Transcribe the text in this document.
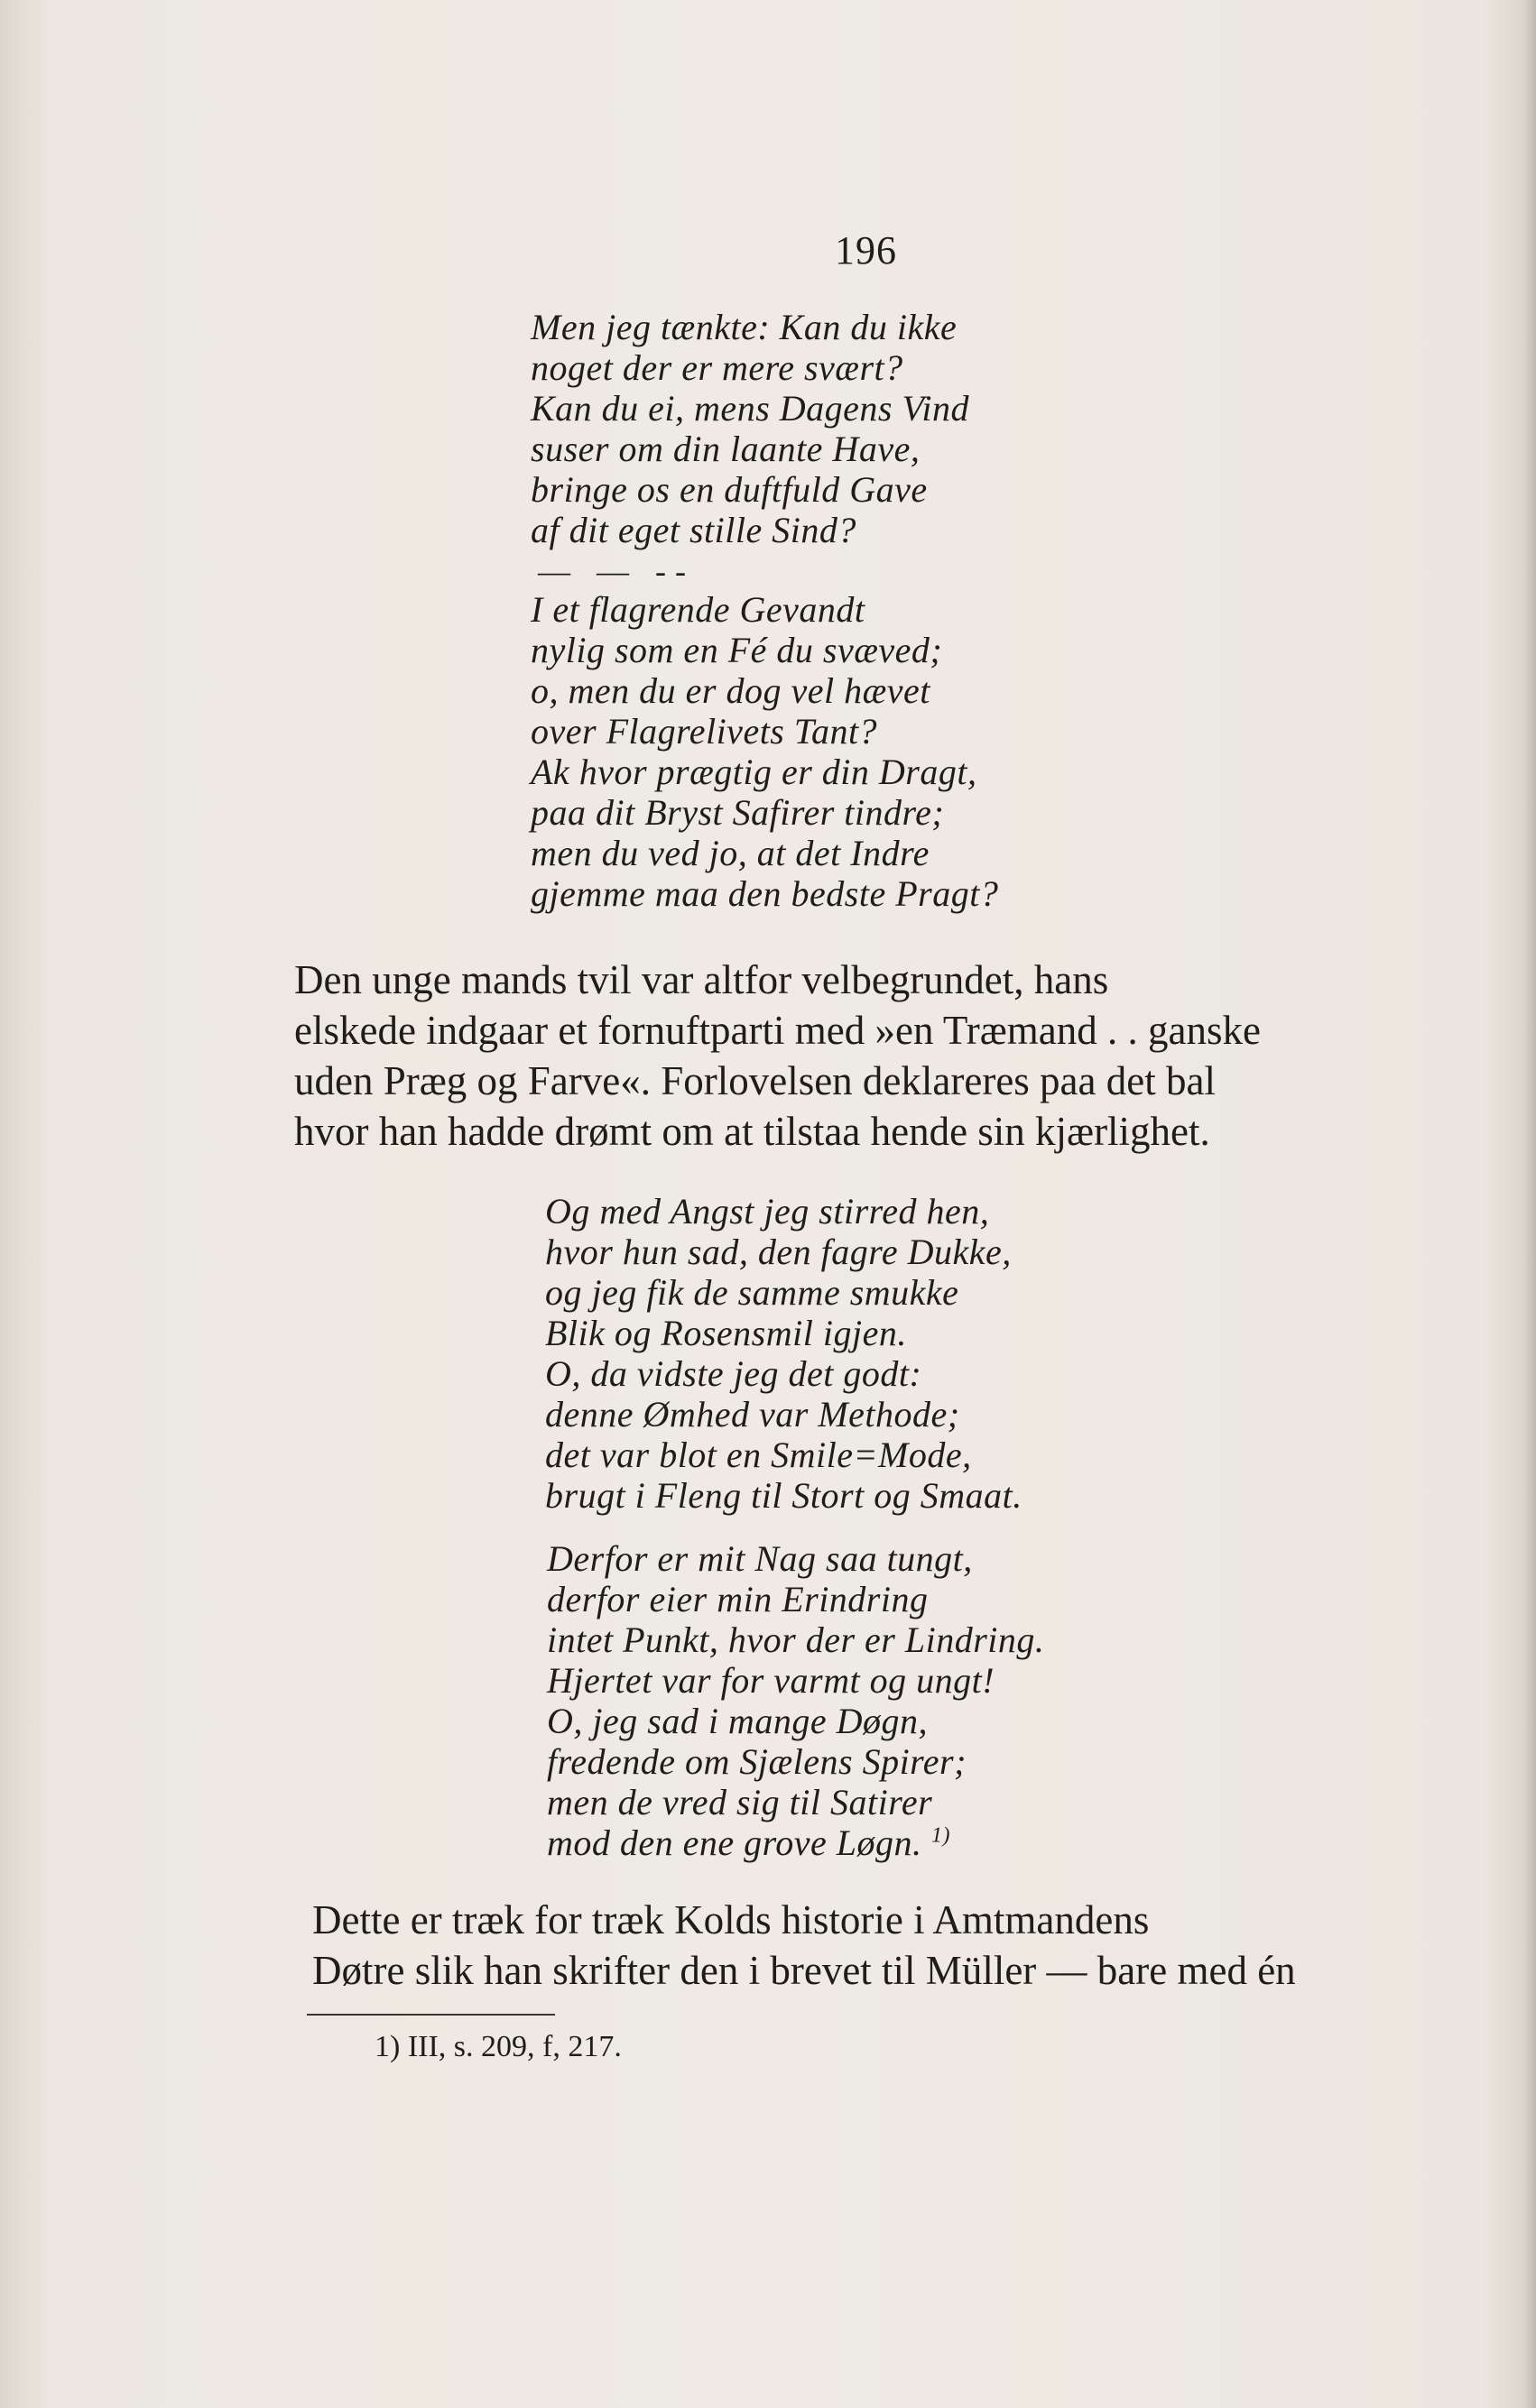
196
Men jeg tænkte: Kan du ikke
noget der er mere svært?
Kan du ei, mens Dagens Vind
suser om din laante Have,
bringe os en duftfuld Gave
af dit eget stille Sind?
— — --
I et flagrende Gevandt
nylig som en Fé du svæved;
o, men du er dog vel hævet
over Flagrelivets Tant?
Ak hvor prægtig er din Dragt,
paa dit Bryst Safirer tindre;
men du ved jo, at det Indre
gjemme maa den bedste Pragt?
Den unge mands tvil var altfor velbegrundet, hans
elskede indgaar et fornuftparti med »en Træmand . . ganske
uden Præg og Farve«. Forlovelsen deklareres paa det bal
hvor han hadde drømt om at tilstaa hende sin kjærlighet.
Og med Angst jeg stirred hen,
hvor hun sad, den fagre Dukke,
og jeg fik de samme smukke
Blik og Rosensmil igjen.
O, da vidste jeg det godt:
denne Ømhed var Methode;
det var blot en Smile=Mode,
brugt i Fleng til Stort og Smaat.
Derfor er mit Nag saa tungt,
derfor eier min Erindring
intet Punkt, hvor der er Lindring.
Hjertet var for varmt og ungt!
O, jeg sad i mange Døgn,
fredende om Sjælens Spirer;
men de vred sig til Satirer
mod den ene grove Løgn. $^{1)}$
Dette er træk for træk Kolds historie i Amtmandens
Døtre slik han skrifter den i brevet til Müller — bare med én
1) III, s. 209, f, 217.
